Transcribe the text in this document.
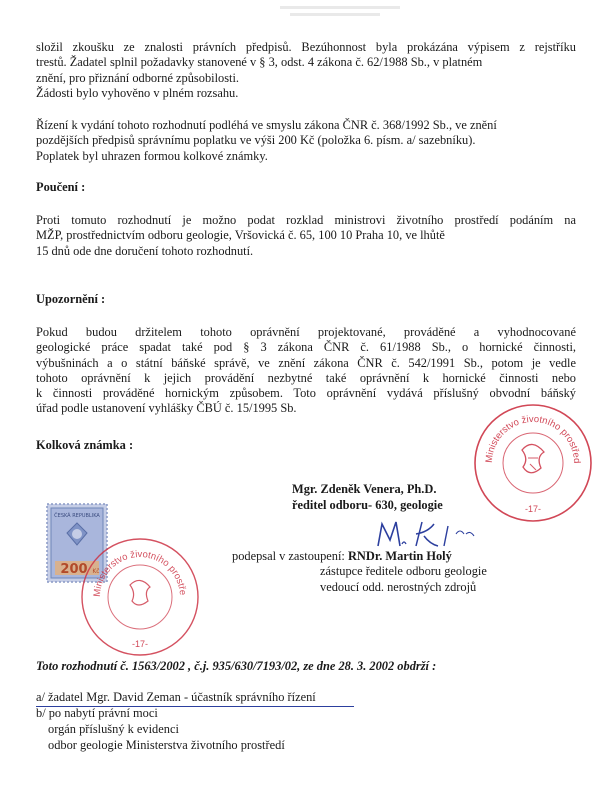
složil zkoušku ze znalosti právních předpisů. Bezúhonnost byla prokázána výpisem z rejstříku
trestů. Žadatel splnil požadavky stanovené v § 3, odst. 4 zákona č. 62/1988 Sb., v platném
znění, pro přiznání odborné způsobilosti.
Žádosti bylo vyhověno v plném rozsahu.
Řízení k vydání tohoto rozhodnutí podléhá ve smyslu zákona ČNR č. 368/1992 Sb., ve znění
pozdějších předpisů správnímu poplatku ve výši 200 Kč (položka 6. písm. a/ sazebníku).
Poplatek byl uhrazen formou kolkové známky.
Poučení :
Proti tomuto rozhodnutí je možno podat rozklad ministrovi životního prostředí podáním na
MŽP, prostřednictvím odboru geologie, Vršovická č. 65, 100 10 Praha 10, ve lhůtě
15 dnů ode dne doručení tohoto rozhodnutí.
Upozornění :
Pokud budou držitelem tohoto oprávnění projektované, prováděné a vyhodnocované
geologické práce spadat také pod § 3 zákona ČNR č. 61/1988 Sb., o hornické činnosti,
výbušninách a o státní báňské správě, ve znění zákona ČNR č. 542/1991 Sb., potom je vedle
tohoto oprávnění k jejich provádění nezbytné také oprávnění k hornické činnosti nebo
k činnosti prováděné hornickým způsobem. Toto oprávnění vydává příslušný obvodní báňský
úřad podle ustanovení vyhlášky ČBÚ č. 15/1995 Sb.
Kolková známka :
ČESKÁ REPUBLIKA
200 Kč
Ministerstvo životního prostře
-17-
Ministerstvo životního prostřed
-17-
Mgr. Zdeněk Venera, Ph.D.
ředitel odboru- 630, geologie
podepsal v zastoupení: RNDr. Martin Holý
zástupce ředitele odboru geologie
vedoucí odd. nerostných zdrojů
Toto rozhodnutí č. 1563/2002 , č.j. 935/630/7193/02, ze dne 28. 3. 2002 obdrží :
a/ žadatel Mgr. David Zeman - účastník správního řízení
b/ po nabytí právní moci
orgán příslušný k evidenci
odbor geologie Ministerstva životního prostředí
